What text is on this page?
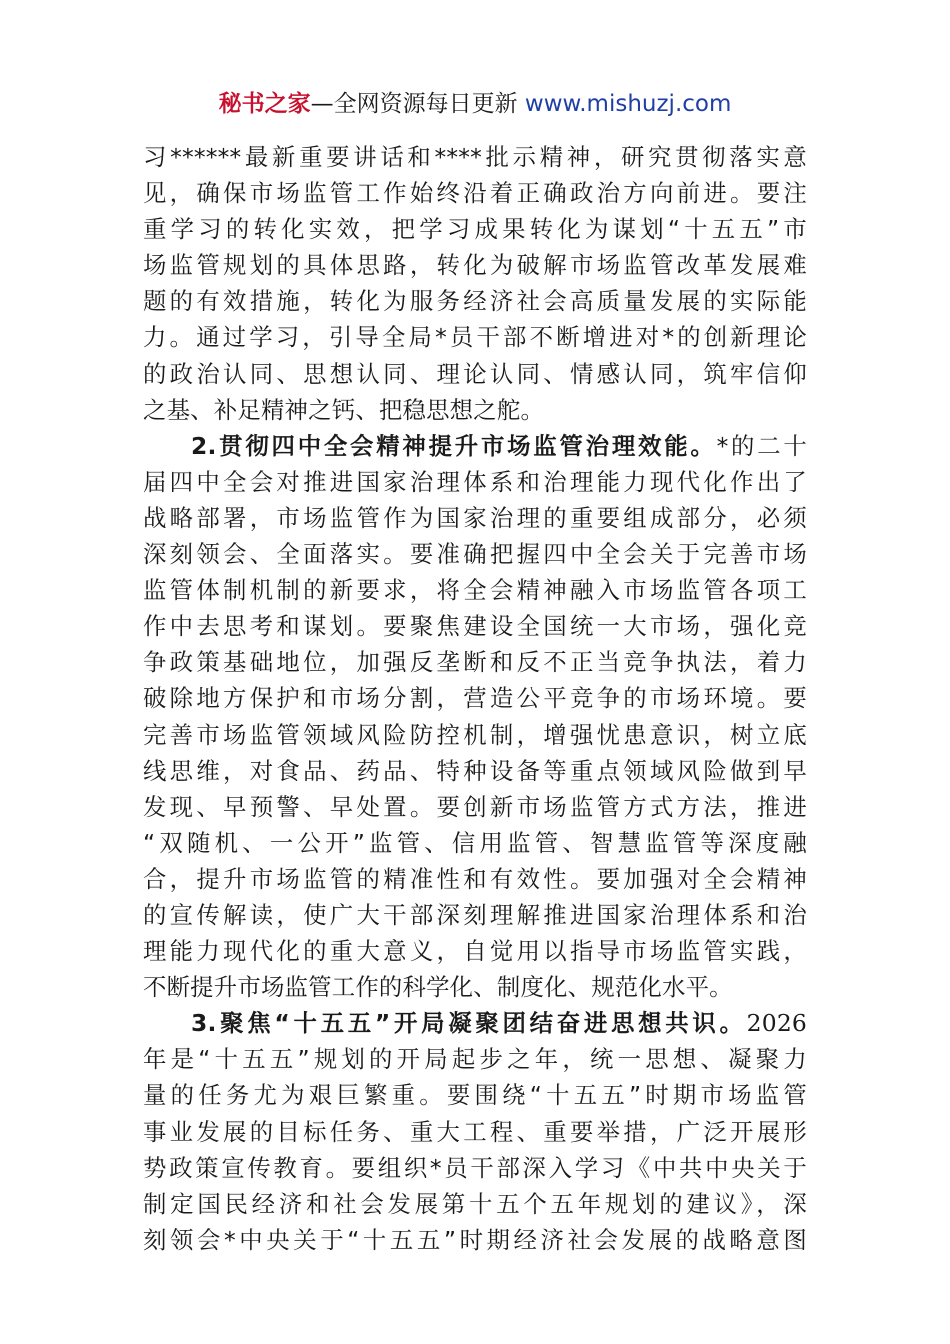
秘书之家—全网资源每日更新 www.mishuzj.com
习******最新重要讲话和****批示精神，研究贯彻落实意
见，确保市场监管工作始终沿着正确政治方向前进。要注
重学习的转化实效，把学习成果转化为谋划“十五五”市
场监管规划的具体思路，转化为破解市场监管改革发展难
题的有效措施，转化为服务经济社会高质量发展的实际能
力。通过学习，引导全局*员干部不断增进对*的创新理论
的政治认同、思想认同、理论认同、情感认同，筑牢信仰
之基、补足精神之钙、把稳思想之舵。
2.贯彻四中全会精神提升市场监管治理效能。*的二十
届四中全会对推进国家治理体系和治理能力现代化作出了
战略部署，市场监管作为国家治理的重要组成部分，必须
深刻领会、全面落实。要准确把握四中全会关于完善市场
监管体制机制的新要求，将全会精神融入市场监管各项工
作中去思考和谋划。要聚焦建设全国统一大市场，强化竞
争政策基础地位，加强反垄断和反不正当竞争执法，着力
破除地方保护和市场分割，营造公平竞争的市场环境。要
完善市场监管领域风险防控机制，增强忧患意识，树立底
线思维，对食品、药品、特种设备等重点领域风险做到早
发现、早预警、早处置。要创新市场监管方式方法，推进
“双随机、一公开”监管、信用监管、智慧监管等深度融
合，提升市场监管的精准性和有效性。要加强对全会精神
的宣传解读，使广大干部深刻理解推进国家治理体系和治
理能力现代化的重大意义，自觉用以指导市场监管实践，
不断提升市场监管工作的科学化、制度化、规范化水平。
3.聚焦“十五五”开局凝聚团结奋进思想共识。2026
年是“十五五”规划的开局起步之年，统一思想、凝聚力
量的任务尤为艰巨繁重。要围绕“十五五”时期市场监管
事业发展的目标任务、重大工程、重要举措，广泛开展形
势政策宣传教育。要组织*员干部深入学习《中共中央关于
制定国民经济和社会发展第十五个五年规划的建议》，深
刻领会*中央关于“十五五”时期经济社会发展的战略意图
